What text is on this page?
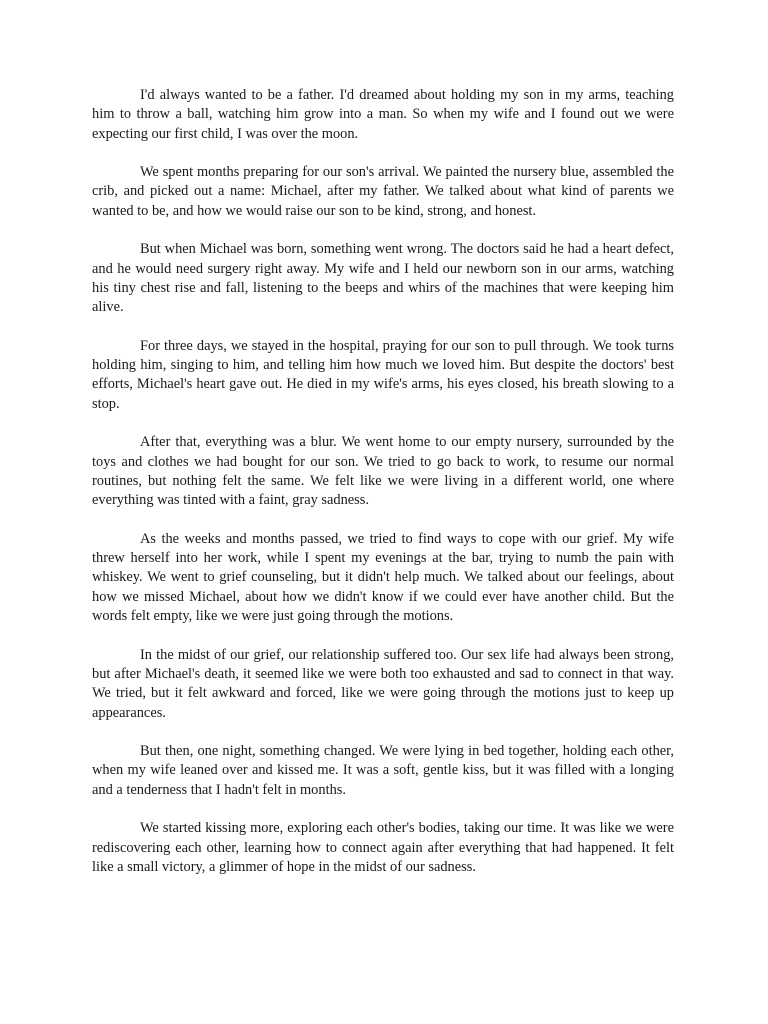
I'd always wanted to be a father. I'd dreamed about holding my son in my arms, teaching him to throw a ball, watching him grow into a man. So when my wife and I found out we were expecting our first child, I was over the moon.

We spent months preparing for our son's arrival. We painted the nursery blue, assembled the crib, and picked out a name: Michael, after my father. We talked about what kind of parents we wanted to be, and how we would raise our son to be kind, strong, and honest.

But when Michael was born, something went wrong. The doctors said he had a heart defect, and he would need surgery right away. My wife and I held our newborn son in our arms, watching his tiny chest rise and fall, listening to the beeps and whirs of the machines that were keeping him alive.

For three days, we stayed in the hospital, praying for our son to pull through. We took turns holding him, singing to him, and telling him how much we loved him. But despite the doctors' best efforts, Michael's heart gave out. He died in my wife's arms, his eyes closed, his breath slowing to a stop.

After that, everything was a blur. We went home to our empty nursery, surrounded by the toys and clothes we had bought for our son. We tried to go back to work, to resume our normal routines, but nothing felt the same. We felt like we were living in a different world, one where everything was tinted with a faint, gray sadness.

As the weeks and months passed, we tried to find ways to cope with our grief. My wife threw herself into her work, while I spent my evenings at the bar, trying to numb the pain with whiskey. We went to grief counseling, but it didn't help much. We talked about our feelings, about how we missed Michael, about how we didn't know if we could ever have another child. But the words felt empty, like we were just going through the motions.

In the midst of our grief, our relationship suffered too. Our sex life had always been strong, but after Michael's death, it seemed like we were both too exhausted and sad to connect in that way. We tried, but it felt awkward and forced, like we were going through the motions just to keep up appearances.

But then, one night, something changed. We were lying in bed together, holding each other, when my wife leaned over and kissed me. It was a soft, gentle kiss, but it was filled with a longing and a tenderness that I hadn't felt in months.

We started kissing more, exploring each other's bodies, taking our time. It was like we were rediscovering each other, learning how to connect again after everything that had happened. It felt like a small victory, a glimmer of hope in the midst of our sadness.
